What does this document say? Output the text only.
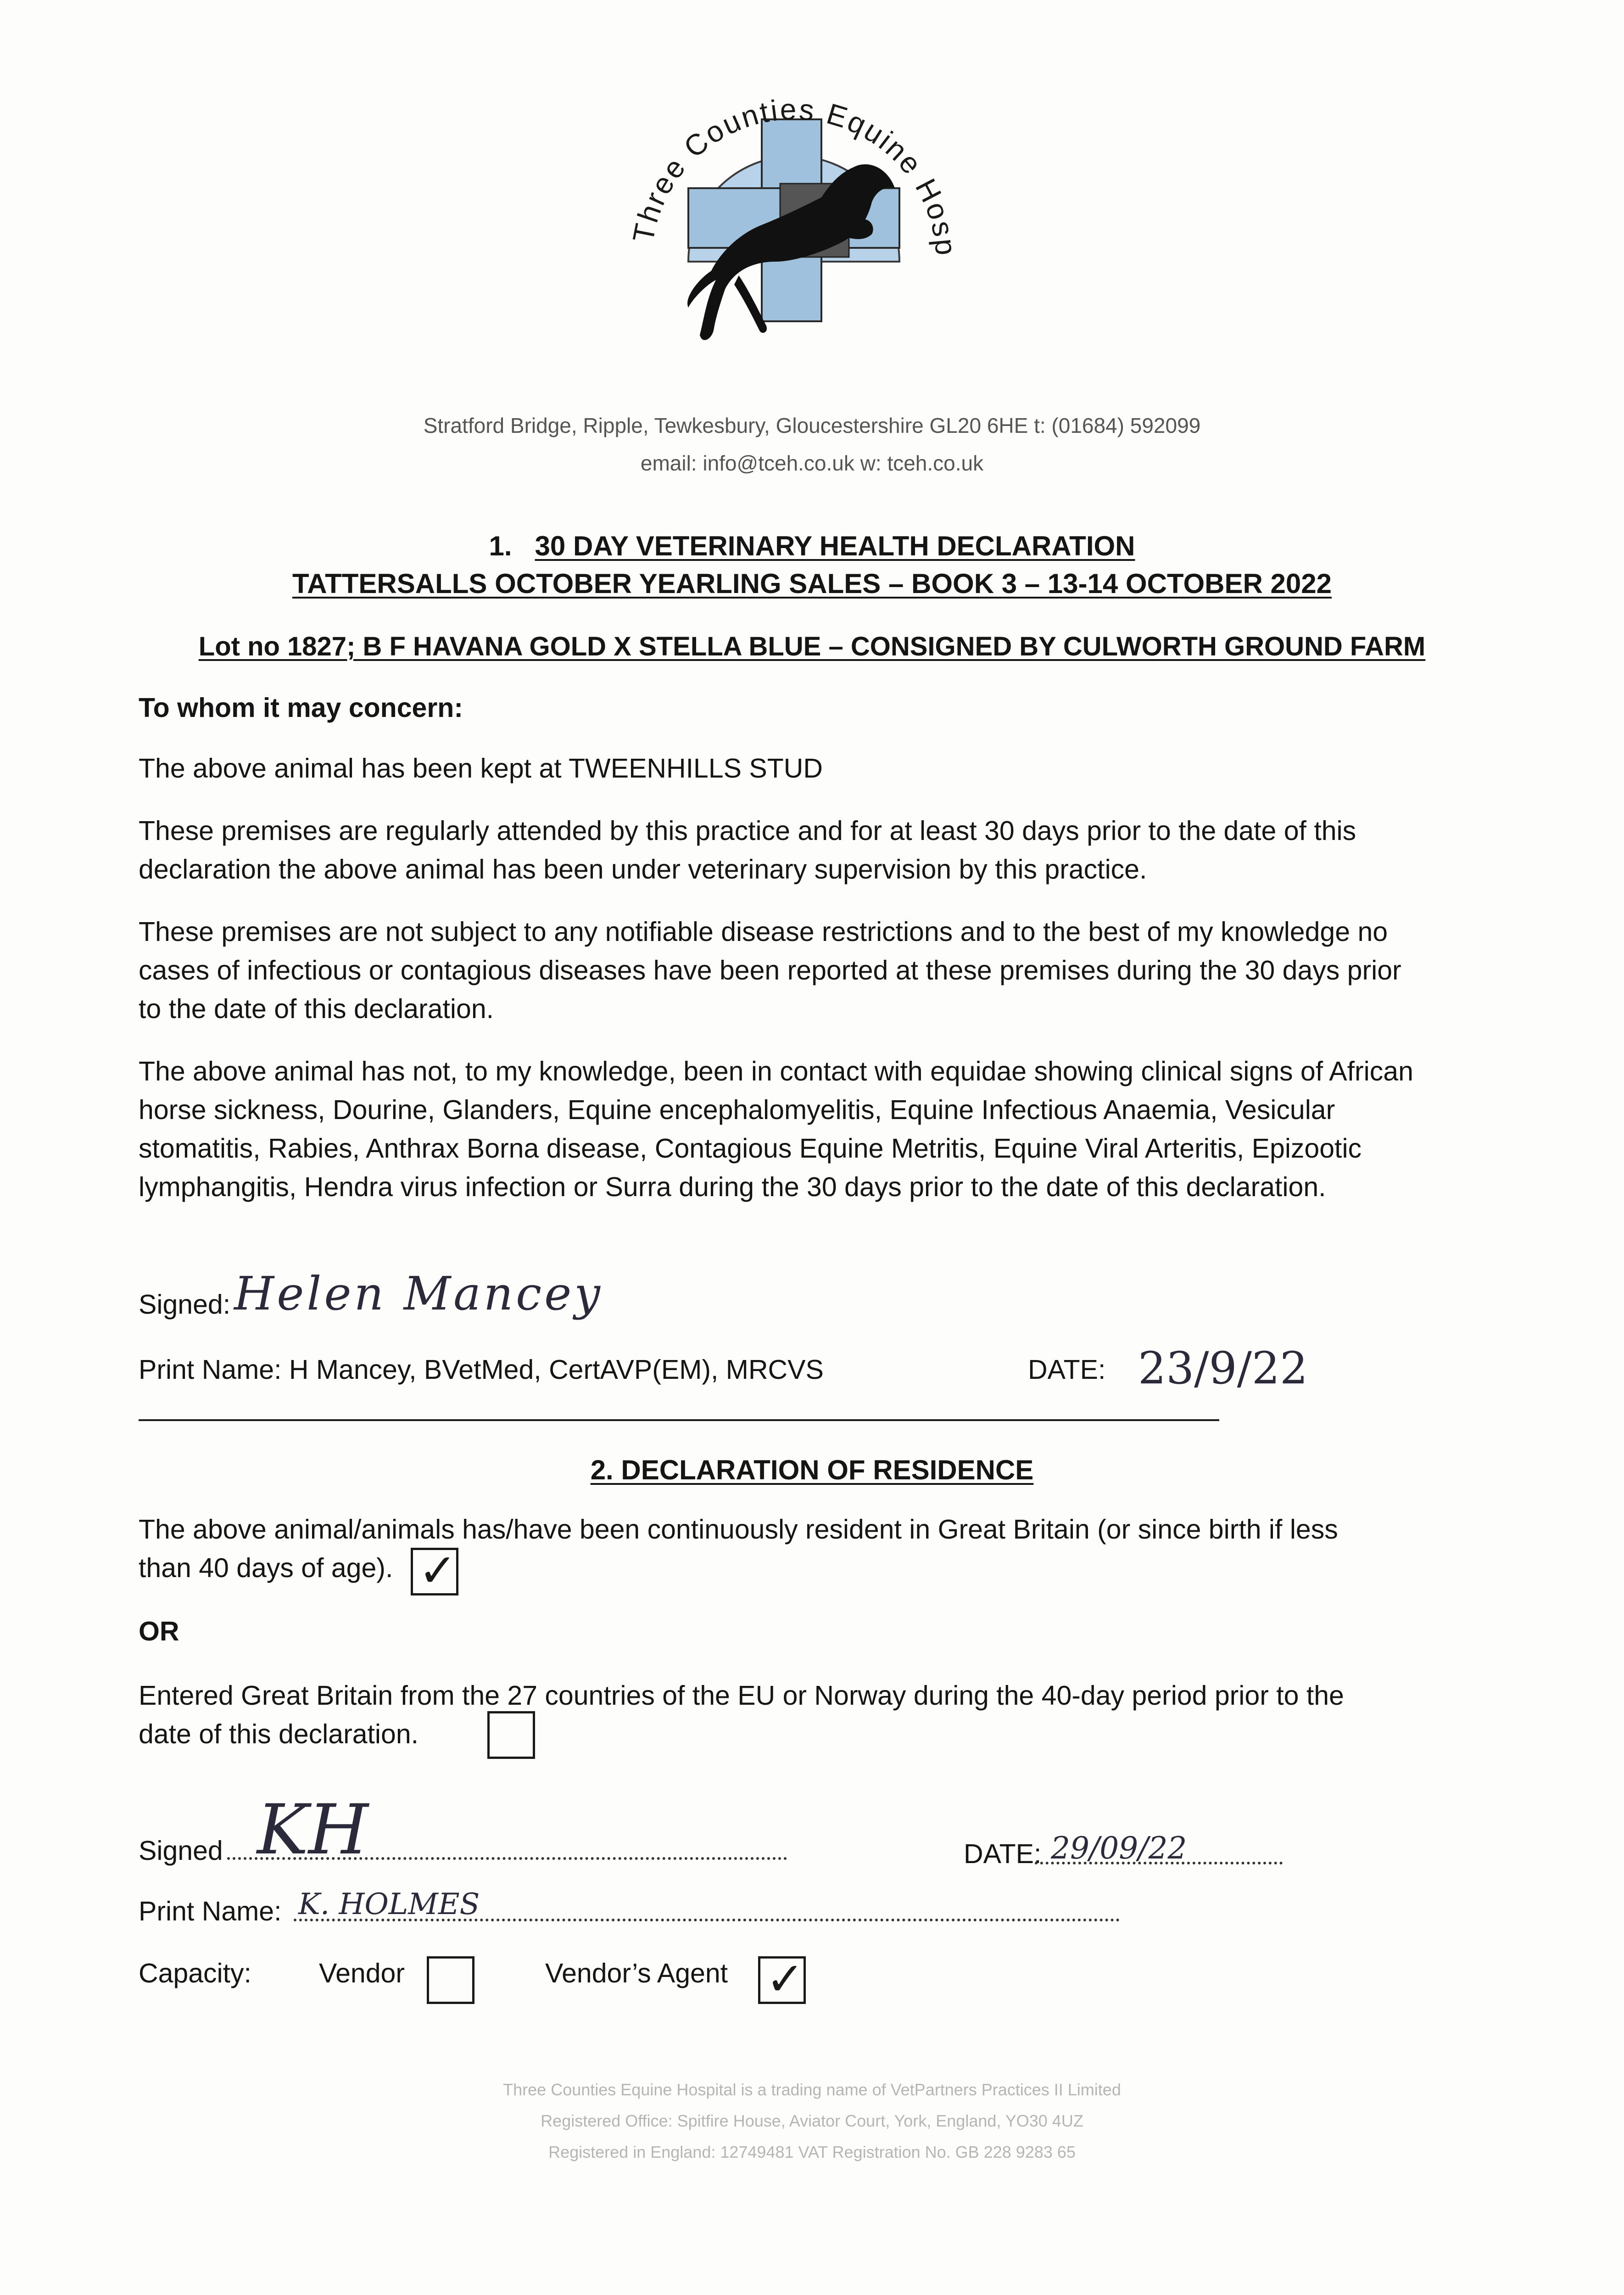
Three Counties Equine Hosp
Stratford Bridge, Ripple, Tewkesbury, Gloucestershire GL20 6HE t: (01684) 592099
email: info@tceh.co.uk w: tceh.co.uk
1. 30 DAY VETERINARY HEALTH DECLARATION
TATTERSALLS OCTOBER YEARLING SALES – BOOK 3 – 13-14 OCTOBER 2022
Lot no 1827; B F HAVANA GOLD X STELLA BLUE – CONSIGNED BY CULWORTH GROUND FARM
To whom it may concern:
The above animal has been kept at TWEENHILLS STUD
These premises are regularly attended by this practice and for at least 30 days prior to the date of this declaration the above animal has been under veterinary supervision by this practice.
These premises are not subject to any notifiable disease restrictions and to the best of my knowledge no cases of infectious or contagious diseases have been reported at these premises during the 30 days prior to the date of this declaration.
The above animal has not, to my knowledge, been in contact with equidae showing clinical signs of African horse sickness, Dourine, Glanders, Equine encephalomyelitis, Equine Infectious Anaemia, Vesicular stomatitis, Rabies, Anthrax Borna disease, Contagious Equine Metritis, Equine Viral Arteritis, Epizootic lymphangitis, Hendra virus infection or Surra during the 30 days prior to the date of this declaration.
Signed: Helen Mancey
Print Name: H Mancey, BVetMed, CertAVP(EM), MRCVS	DATE: 23/9/22
2. DECLARATION OF RESIDENCE
The above animal/animals has/have been continuously resident in Great Britain (or since birth if less than 40 days of age). ✓
OR
Entered Great Britain from the 27 countries of the EU or Norway during the 40-day period prior to the date of this declaration.
Signed KH	DATE: 29/09/22
Print Name: K. HOLMES
Capacity: Vendor	Vendor’s Agent ✓
Three Counties Equine Hospital is a trading name of VetPartners Practices II Limited
Registered Office: Spitfire House, Aviator Court, York, England, YO30 4UZ
Registered in England: 12749481 VAT Registration No. GB 228 9283 65
